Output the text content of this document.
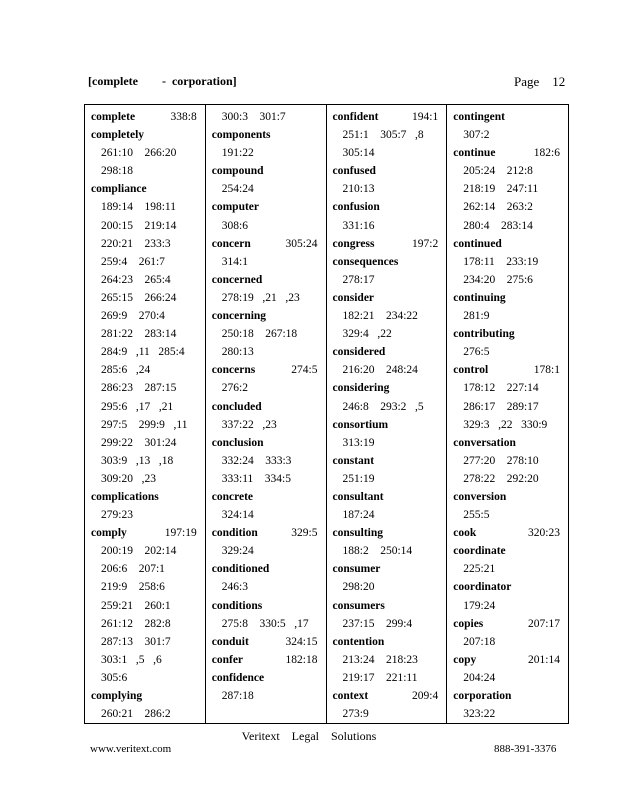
[complete        -  corporation]	Page    12
complete	338:8
completely
261:10    266:20
298:18
compliance
189:14    198:11
200:15    219:14
220:21    233:3
259:4    261:7
264:23    265:4
265:15    266:24
269:9    270:4
281:22    283:14
284:9   ,11   285:4
285:6   ,24
286:23    287:15
295:6   ,17   ,21
297:5    299:9   ,11
299:22    301:24
303:9   ,13   ,18
309:20   ,23
complications
279:23
comply	197:19
200:19    202:14
206:6    207:1
219:9    258:6
259:21    260:1
261:12    282:8
287:13    301:7
303:1   ,5   ,6
305:6
complying
260:21    286:2
300:3    301:7
components
191:22
compound
254:24
computer
308:6
concern	305:24
314:1
concerned
278:19   ,21   ,23
concerning
250:18    267:18
280:13
concerns	274:5
276:2
concluded
337:22   ,23
conclusion
332:24    333:3
333:11    334:5
concrete
324:14
condition	329:5
329:24
conditioned
246:3
conditions
275:8    330:5   ,17
conduit	324:15
confer	182:18
confidence
287:18
confident	194:1
251:1    305:7   ,8
305:14
confused
210:13
confusion
331:16
congress	197:2
consequences
278:17
consider
182:21    234:22
329:4   ,22
considered
216:20    248:24
considering
246:8    293:2   ,5
consortium
313:19
constant
251:19
consultant
187:24
consulting
188:2    250:14
consumer
298:20
consumers
237:15    299:4
contention
213:24    218:23
219:17    221:11
context	209:4
273:9
contingent
307:2
continue	182:6
205:24    212:8
218:19    247:11
262:14    263:2
280:4    283:14
continued
178:11    233:19
234:20    275:6
continuing
281:9
contributing
276:5
control	178:1
178:12    227:14
286:17    289:17
329:3   ,22   330:9
conversation
277:20    278:10
278:22    292:20
conversion
255:5
cook	320:23
coordinate
225:21
coordinator
179:24
copies	207:17
207:18
copy	201:14
204:24
corporation
323:22
Veritext    Legal    Solutions
www.veritext.com	888-391-3376
